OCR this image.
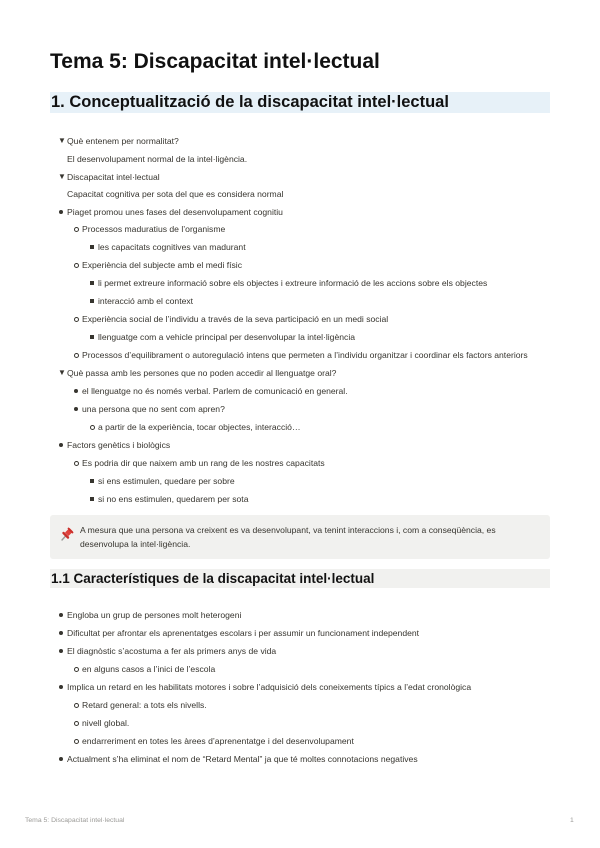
Tema 5: Discapacitat intel·lectual
1. Conceptualització de la discapacitat intel·lectual
▼ Què entenem per normalitat?
El desenvolupament normal de la intel·ligència.
▼ Discapacitat intel·lectual
Capacitat cognitiva per sota del que es considera normal
Piaget promou unes fases del desenvolupament cognitiu
Processos maduratius de l’organisme
les capacitats cognitives van madurant
Experiència del subjecte amb el medi físic
li permet extreure informació sobre els objectes i extreure informació de les accions sobre els objectes
interacció amb el context
Experiència social de l’individu a través de la seva participació en un medi social
llenguatge com a vehicle principal per desenvolupar la intel·ligència
Processos d’equilibrament o autoregulació intens que permeten a l’individu organitzar i coordinar els factors anteriors
▼ Què passa amb les persones que no poden accedir al llenguatge oral?
el llenguatge no és només verbal. Parlem de comunicació en general.
una persona que no sent com apren?
a partir de la experiència, tocar objectes, interacció…
Factors genètics i biològics
Es podria dir que naixem amb un rang de les nostres capacitats
si ens estimulen, quedare per sobre
si no ens estimulen, quedarem per sota
A mesura que una persona va creixent es va desenvolupant, va tenint interaccions i, com a conseqüència, es desenvolupa la intel·ligència.
1.1 Característiques de la discapacitat intel·lectual
Engloba un grup de persones molt heterogeni
Dificultat per afrontar els aprenentatges escolars i per assumir un funcionament independent
El diagnòstic s’acostuma a fer als primers anys de vida
en alguns casos a l’inici de l’escola
Implica un retard en les habilitats motores i sobre l’adquisició dels coneixements típics a l’edat cronològica
Retard general: a tots els nivells.
nivell global.
endarreriment en totes les àrees d’aprenentatge i del desenvolupament
Actualment s’ha eliminat el nom de “Retard Mental” ja que té moltes connotacions negatives
Tema 5: Discapacitat intel·lectual	1
